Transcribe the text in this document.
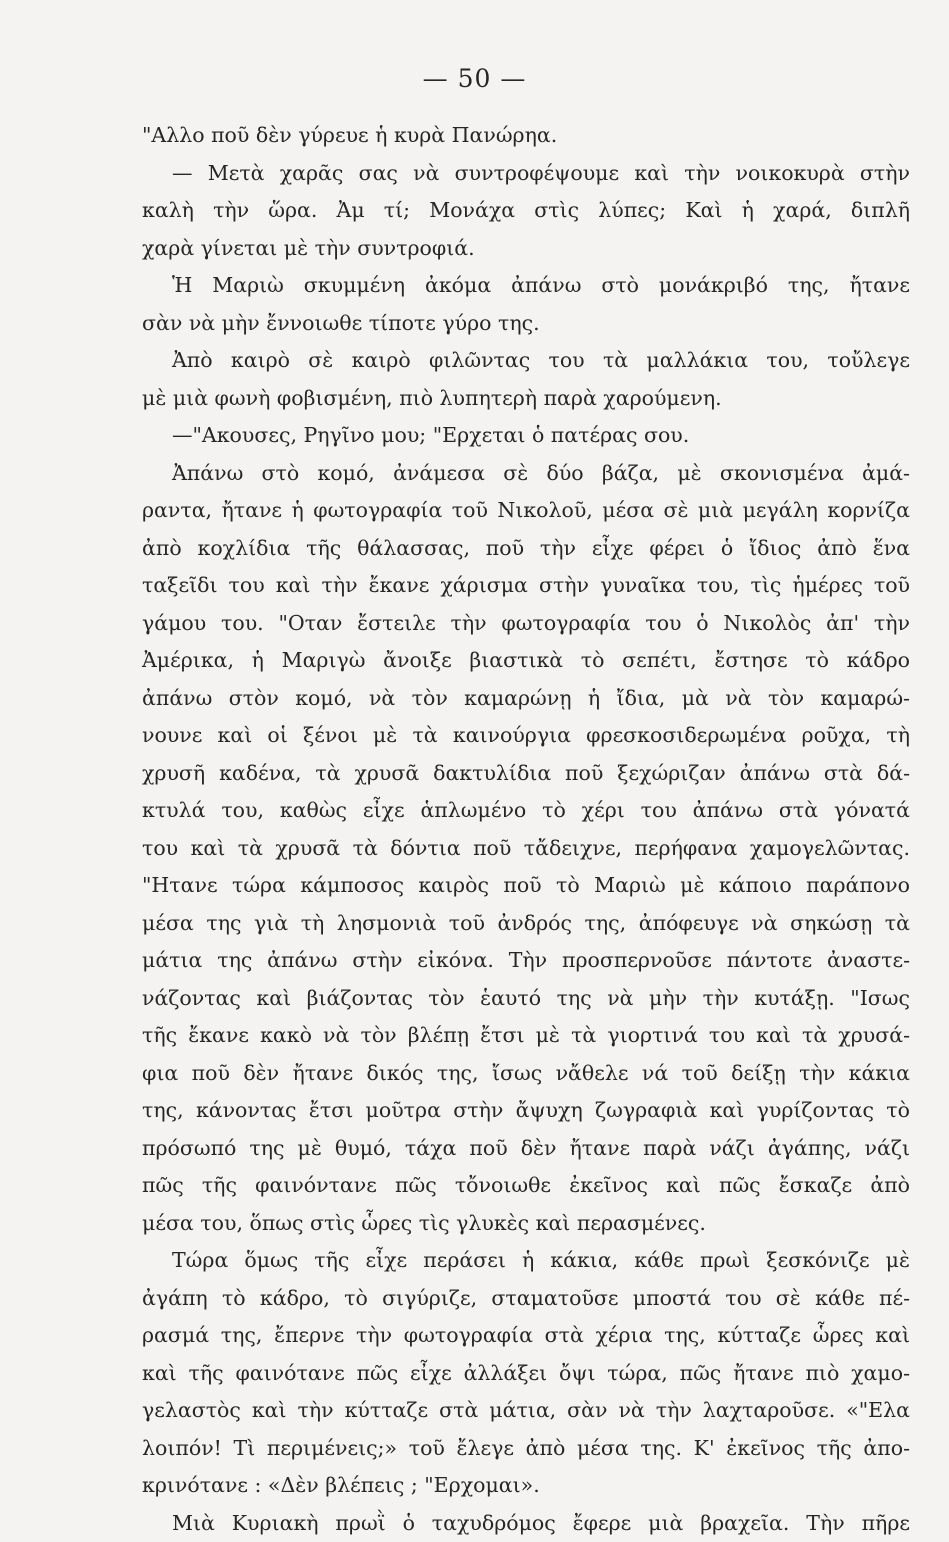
— 50 —
"Αλλο ποῦ δὲν γύρευε ἡ κυρὰ Πανώρηα.
— Μετὰ χαρᾶς σας νὰ συντροφέψουμε καὶ τὴν νοικοκυρὰ στὴν
καλὴ τὴν ὥρα. Ἀμ τί; Μονάχα στὶς λύπες; Καὶ ἡ χαρά, διπλῆ
χαρὰ γίνεται μὲ τὴν συντροφιά.
Ἡ Μαριὼ σκυμμένη ἀκόμα ἀπάνω στὸ μονάκριβό της, ἤτανε
σὰν νὰ μὴν ἔννοιωθε τίποτε γύρο της.
Ἀπὸ καιρὸ σὲ καιρὸ φιλῶντας του τὰ μαλλάκια του, τοὔλεγε
μὲ μιὰ φωνὴ φοβισμένη, πιὸ λυπητερὴ παρὰ χαρούμενη.
—"Ακουσες, Ρηγῖνο μου; "Ερχεται ὁ πατέρας σου.
Ἀπάνω στὸ κομό, ἀνάμεσα σὲ δύο βάζα, μὲ σκονισμένα ἀμά-
ραντα, ἤτανε ἡ φωτογραφία τοῦ Νικολοῦ, μέσα σὲ μιὰ μεγάλη κορνίζα
ἀπὸ κοχλίδια τῆς θάλασσας, ποῦ τὴν εἶχε φέρει ὁ ἴδιος ἀπὸ ἕνα
ταξεῖδι του καὶ τὴν ἔκανε χάρισμα στὴν γυναῖκα του, τὶς ἡμέρες τοῦ
γάμου του. "Οταν ἔστειλε τὴν φωτογραφία του ὁ Νικολὸς ἀπ' τὴν
Ἀμέρικα, ἡ Μαριγὼ ἄνοιξε βιαστικὰ τὸ σεπέτι, ἔστησε τὸ κάδρο
ἀπάνω στὸν κομό, νὰ τὸν καμαρώνῃ ἡ ἴδια, μὰ νὰ τὸν καμαρώ-
νουνε καὶ οἱ ξένοι μὲ τὰ καινούργια φρεσκοσιδερωμένα ροῦχα, τὴ
χρυσῆ καδένα, τὰ χρυσᾶ δακτυλίδια ποῦ ξεχώριζαν ἀπάνω στὰ δά-
κτυλά του, καθὼς εἶχε ἁπλωμένο τὸ χέρι του ἀπάνω στὰ γόνατά
του καὶ τὰ χρυσᾶ τὰ δόντια ποῦ τἄδειχνε, περήφανα χαμογελῶντας.
"Ητανε τώρα κάμποσος καιρὸς ποῦ τὸ Μαριὼ μὲ κάποιο παράπονο
μέσα της γιὰ τὴ λησμονιὰ τοῦ ἀνδρός της, ἀπόφευγε νὰ σηκώσῃ τὰ
μάτια της ἀπάνω στὴν εἰκόνα. Τὴν προσπερνοῦσε πάντοτε ἀναστε-
νάζοντας καὶ βιάζοντας τὸν ἑαυτό της νὰ μὴν τὴν κυτάξῃ. "Ισως
τῆς ἔκανε κακὸ νὰ τὸν βλέπῃ ἔτσι μὲ τὰ γιορτινά του καὶ τὰ χρυσά-
φια ποῦ δὲν ἤτανε δικός της, ἴσως νἄθελε νά τοῦ δείξῃ τὴν κάκια
της, κάνοντας ἔτσι μοῦτρα στὴν ἄψυχη ζωγραφιὰ καὶ γυρίζοντας τὸ
πρόσωπό της μὲ θυμό, τάχα ποῦ δὲν ἤτανε παρὰ νάζι ἀγάπης, νάζι
πῶς τῆς φαινόντανε πῶς τὄνοιωθε ἐκεῖνος καὶ πῶς ἔσκαζε ἀπὸ
μέσα του, ὅπως στὶς ὧρες τὶς γλυκὲς καὶ περασμένες.
Τώρα ὅμως τῆς εἶχε περάσει ἡ κάκια, κάθε πρωὶ ξεσκόνιζε μὲ
ἀγάπη τὸ κάδρο, τὸ σιγύριζε, σταματοῦσε μποστά του σὲ κάθε πέ-
ρασμά της, ἔπερνε τὴν φωτογραφία στὰ χέρια της, κύτταζε ὧρες καὶ
καὶ τῆς φαινότανε πῶς εἶχε ἀλλάξει ὄψι τώρα, πῶς ἤτανε πιὸ χαμο-
γελαστὸς καὶ τὴν κύτταζε στὰ μάτια, σὰν νὰ τὴν λαχταροῦσε. «"Ελα
λοιπόν! Τὶ περιμένεις;» τοῦ ἔλεγε ἀπὸ μέσα της. Κ' ἐκεῖνος τῆς ἀπο-
κρινότανε : «Δὲν βλέπεις ; "Ερχομαι».
Μιὰ Κυριακὴ πρωῒ ὁ ταχυδρόμος ἔφερε μιὰ βραχεῖα. Τὴν πῆρε
